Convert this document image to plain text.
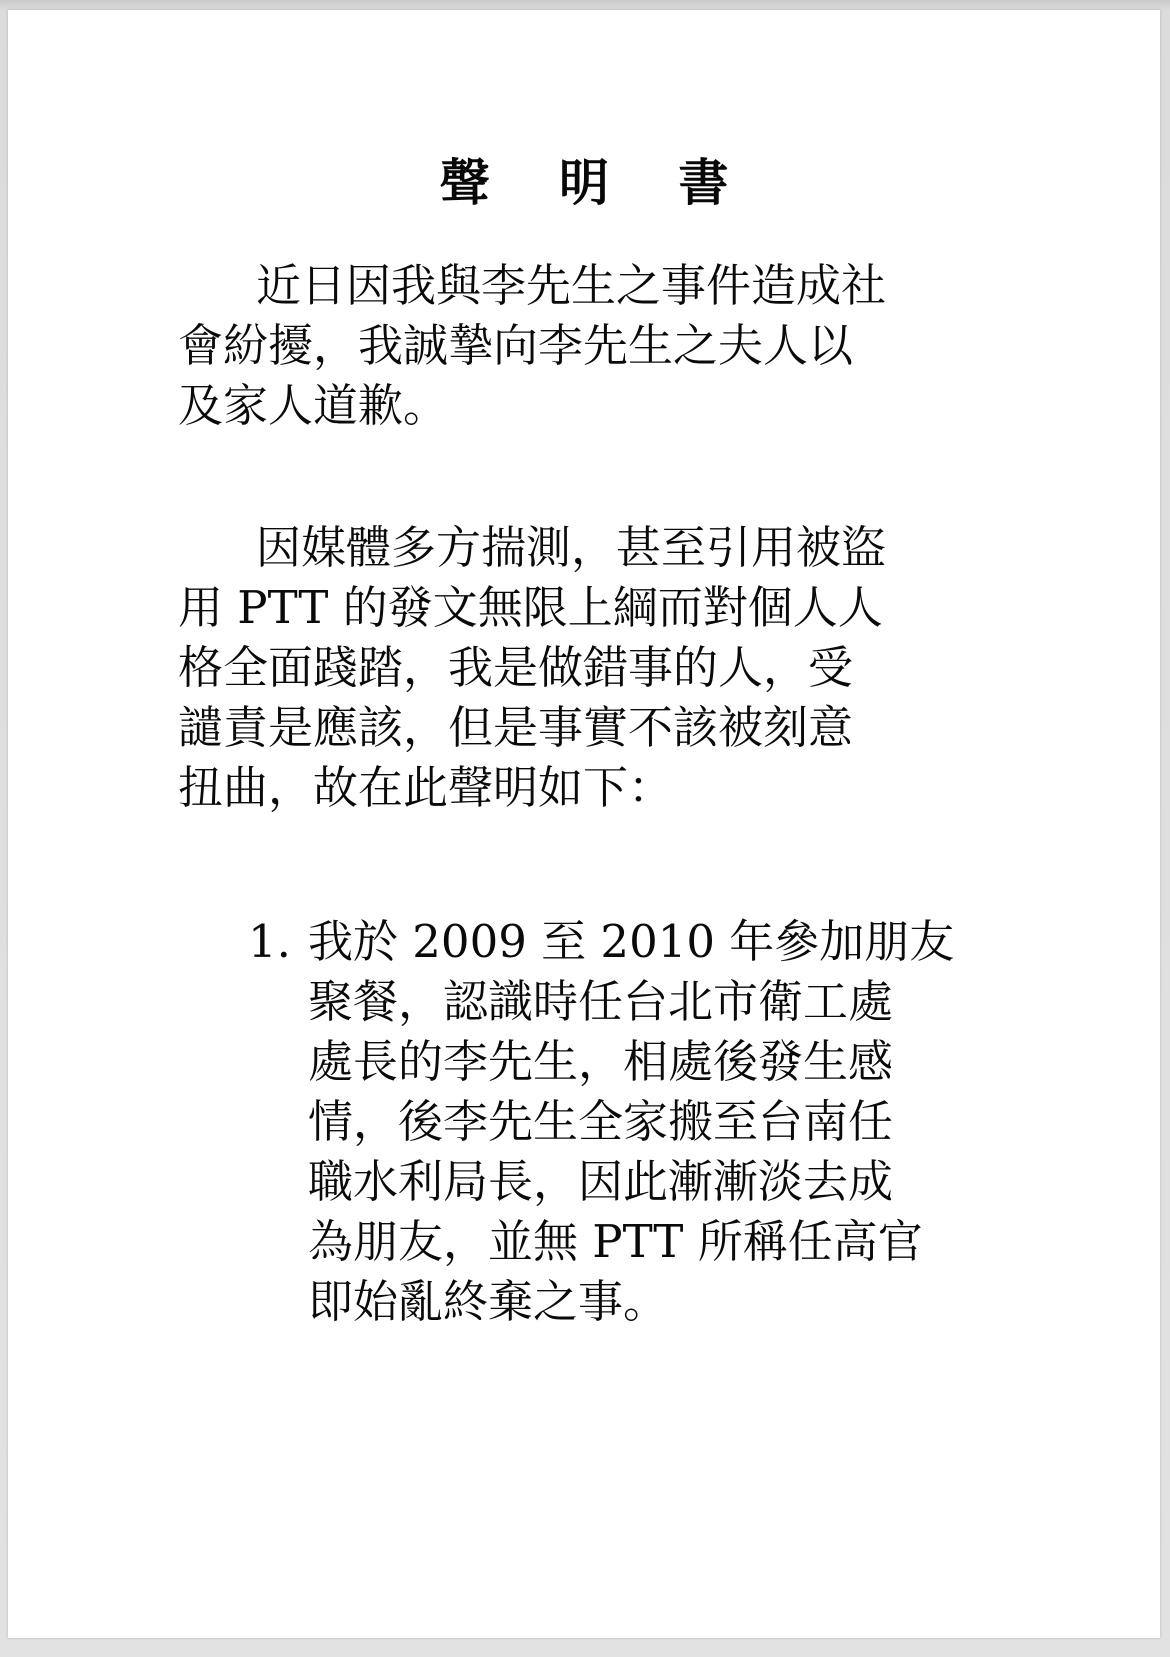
聲 明 書
近日因我與李先生之事件造成社
會紛擾，我誠摯向李先生之夫人以
及家人道歉。
因媒體多方揣測，甚至引用被盜
用 PTT 的發文無限上綱而對個人人
格全面踐踏，我是做錯事的人，受
譴責是應該，但是事實不該被刻意
扭曲，故在此聲明如下：
1. 我於 2009 至 2010 年參加朋友
聚餐，認識時任台北市衛工處
處長的李先生，相處後發生感
情，後李先生全家搬至台南任
職水利局長，因此漸漸淡去成
為朋友，並無 PTT 所稱任高官
即始亂終棄之事。
